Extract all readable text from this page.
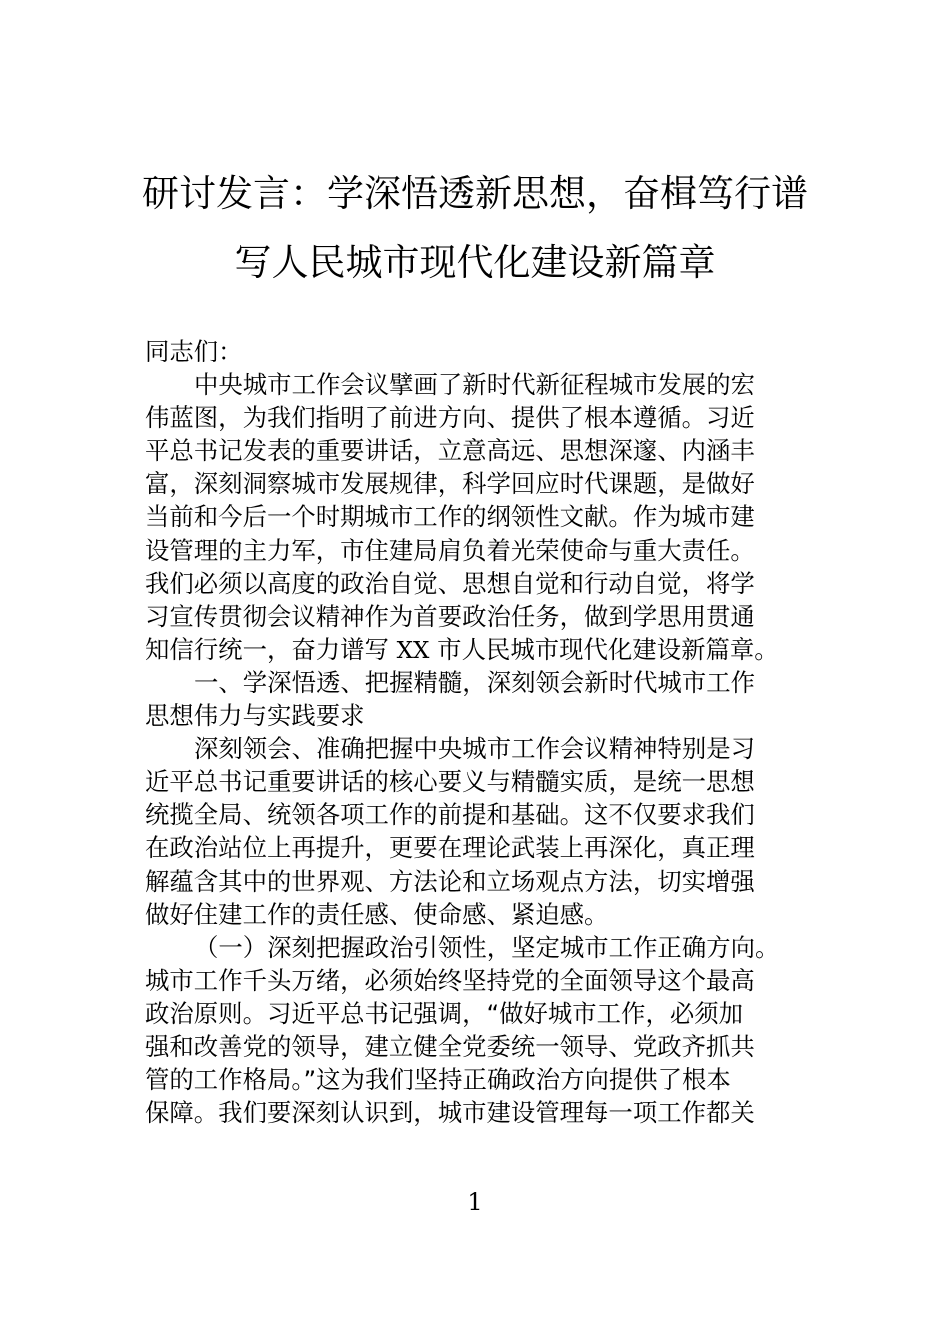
研讨发言：学深悟透新思想，奋楫笃行谱
写人民城市现代化建设新篇章
同志们：
中央城市工作会议擘画了新时代新征程城市发展的宏
伟蓝图，为我们指明了前进方向、提供了根本遵循。习近
平总书记发表的重要讲话，立意高远、思想深邃、内涵丰
富，深刻洞察城市发展规律，科学回应时代课题，是做好
当前和今后一个时期城市工作的纲领性文献。作为城市建
设管理的主力军，市住建局肩负着光荣使命与重大责任。
我们必须以高度的政治自觉、思想自觉和行动自觉，将学
习宣传贯彻会议精神作为首要政治任务，做到学思用贯通
知信行统一，奋力谱写 XX 市人民城市现代化建设新篇章。
一、学深悟透、把握精髓，深刻领会新时代城市工作
思想伟力与实践要求
深刻领会、准确把握中央城市工作会议精神特别是习
近平总书记重要讲话的核心要义与精髓实质，是统一思想
统揽全局、统领各项工作的前提和基础。这不仅要求我们
在政治站位上再提升，更要在理论武装上再深化，真正理
解蕴含其中的世界观、方法论和立场观点方法，切实增强
做好住建工作的责任感、使命感、紧迫感。
（一）深刻把握政治引领性，坚定城市工作正确方向。
城市工作千头万绪，必须始终坚持党的全面领导这个最高
政治原则。习近平总书记强调，“做好城市工作，必须加
强和改善党的领导，建立健全党委统一领导、党政齐抓共
管的工作格局。”这为我们坚持正确政治方向提供了根本
保障。我们要深刻认识到，城市建设管理每一项工作都关
1
